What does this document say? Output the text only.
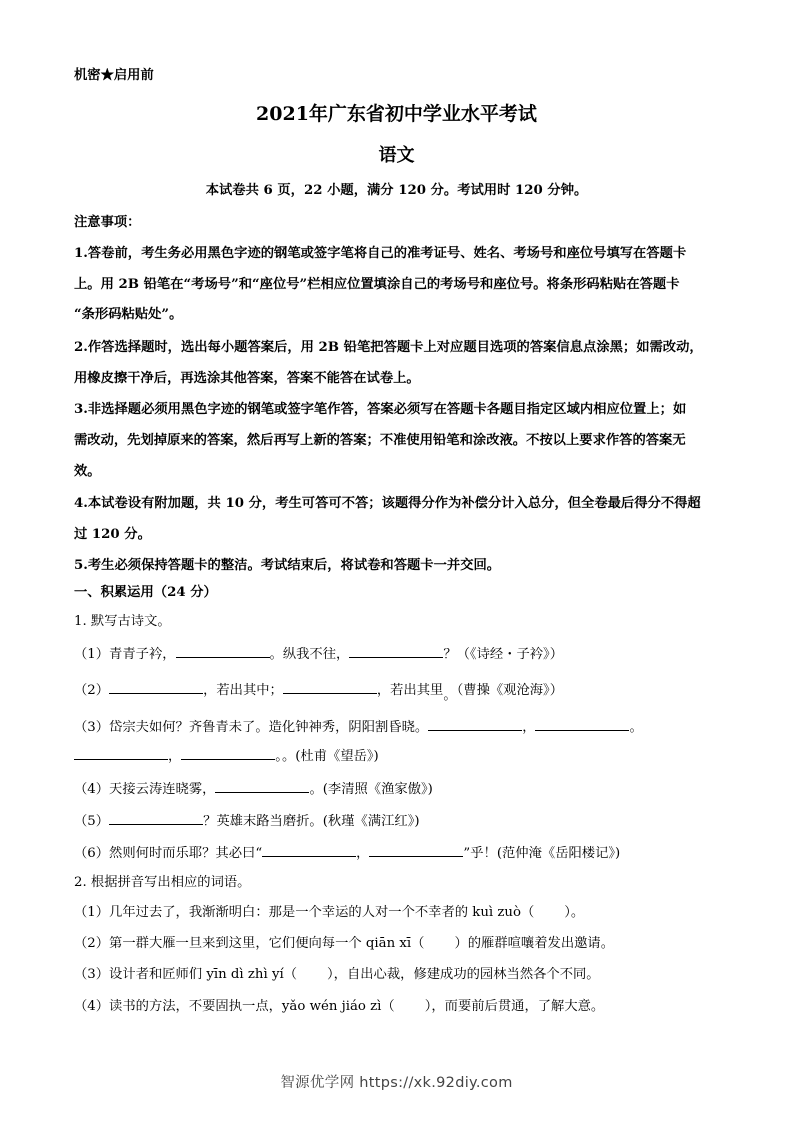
机密★启用前
2021年广东省初中学业水平考试
语文
本试卷共 6 页，22 小题，满分 120 分。考试用时 120 分钟。
注意事项：
1.答卷前，考生务必用黑色字迹的钢笔或签字笔将自己的准考证号、姓名、考场号和座位号填写在答题卡
上。用 2B 铅笔在“考场号”和“座位号”栏相应位置填涂自己的考场号和座位号。将条形码粘贴在答题卡
“条形码粘贴处”。
2.作答选择题时，选出每小题答案后，用 2B 铅笔把答题卡上对应题目选项的答案信息点涂黑；如需改动，
用橡皮擦干净后，再选涂其他答案，答案不能答在试卷上。
3.非选择题必须用黑色字迹的钢笔或签字笔作答，答案必须写在答题卡各题目指定区域内相应位置上；如
需改动，先划掉原来的答案，然后再写上新的答案；不准使用铅笔和涂改液。不按以上要求作答的答案无
效。
4.本试卷设有附加题，共 10 分，考生可答可不答；该题得分作为补偿分计入总分，但全卷最后得分不得超
过 120 分。
5.考生必须保持答题卡的整洁。考试结束后，将试卷和答题卡一并交回。
一、积累运用（24 分）
1. 默写古诗文。
（1）青青子衿，	。纵我不往，	？（《诗经・子衿》）
（2）	，若出其中；	，若出其里。（曹操《观沧海》）
（3）岱宗夫如何？齐鲁青未了。造化钟神秀，阴阳割昏晓。	，	。
，	。。(杜甫《望岳》)
（4）天接云涛连晓雾，	。(李清照《渔家傲》)
（5）	？英雄末路当磨折。(秋瑾《满江红》)
（6）然则何时而乐耶？其必曰“	，	”乎！(范仲淹《岳阳楼记》)
2. 根据拼音写出相应的词语。
（1）几年过去了，我渐渐明白：那是一个幸运的人对一个不幸者的 kuì zuò（ ）。
（2）第一群大雁一旦来到这里，它们便向每一个 qiān xī（ ）的雁群喧嚷着发出邀请。
（3）设计者和匠师们 yīn dì zhì yí（ ），自出心裁，修建成功的园林当然各个不同。
（4）读书的方法，不要固执一点，yǎo wén jiáo zì（ ），而要前后贯通，了解大意。
智源优学网 https://xk.92diy.com
